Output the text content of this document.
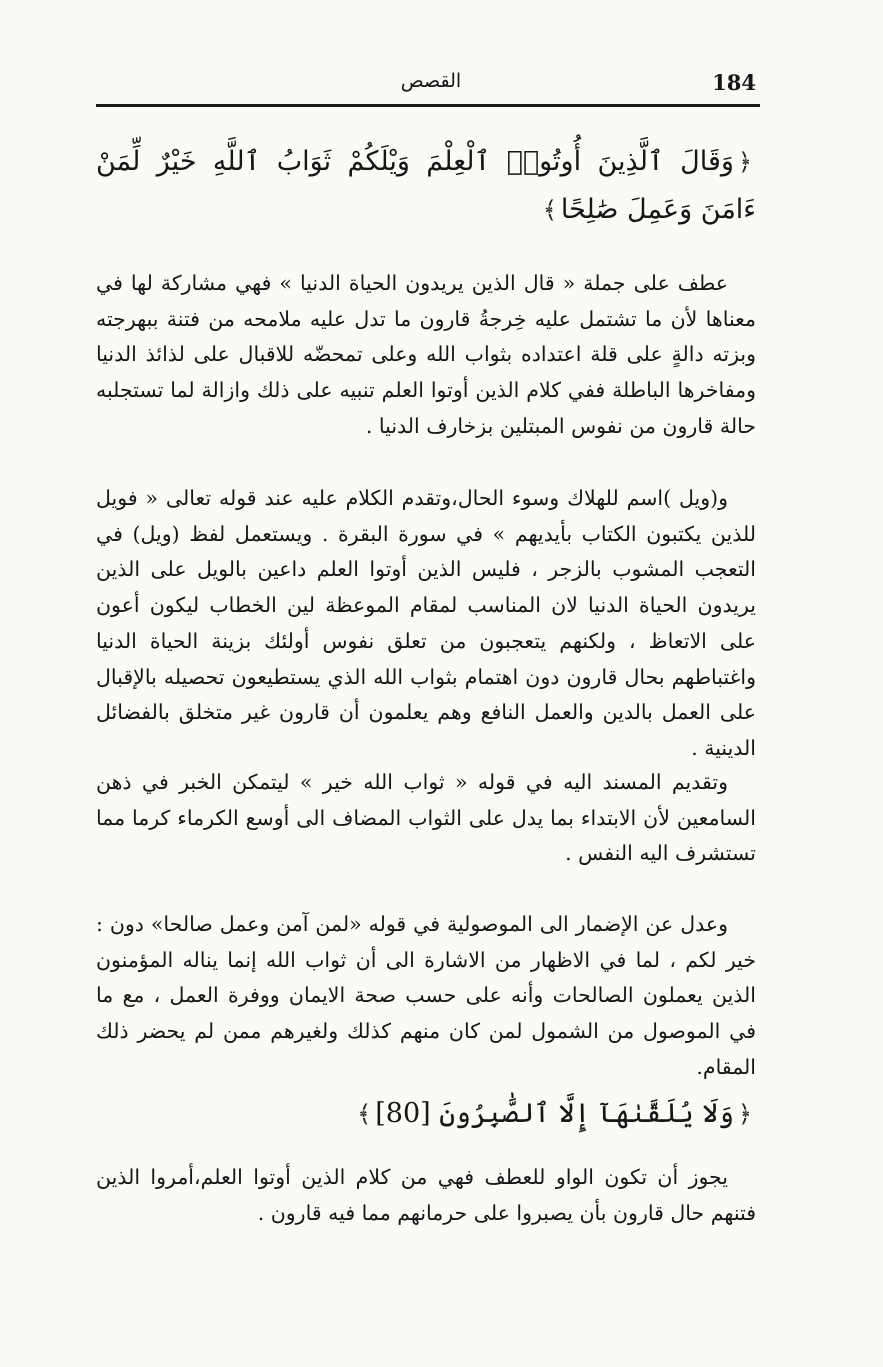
184
القصص
﴿وَقَالَ ٱلَّذِينَ أُوتُوا۟ ٱلْعِلْمَ وَيْلَكُمْ ثَوَابُ ٱللَّهِ خَيْرٌ لِّمَنْ ءَامَنَ وَعَمِلَ صَٰلِحًا﴾
عطف على جملة « قال الذين يريدون الحياة الدنيا » فهي مشاركة لها في معناها لأن ما تشتمل عليه خِرجةُ قارون ما تدل عليه ملامحه من فتنة ببهرجته وبزته دالةٍ على قلة اعتداده بثواب الله وعلى تمحضّه للاقبال على لذائذ الدنيا ومفاخرها الباطلة ففي كلام الذين أوتوا العلم تنبيه على ذلك وازالة لما تستجلبه حالة قارون من نفوس المبتلين بزخارف الدنيا .
و(ويل )اسم للهلاك وسوء الحال،وتقدم الكلام عليه عند قوله تعالى « فويل للذين يكتبون الكتاب بأيديهم » في سورة البقرة . ويستعمل لفظ (ويل) في التعجب المشوب بالزجر ، فليس الذين أوتوا العلم داعين بالويل على الذين يريدون الحياة الدنيا لان المناسب لمقام الموعظة لين الخطاب ليكون أعون على الاتعاظ ، ولكنهم يتعجبون من تعلق نفوس أولئك بزينة الحياة الدنيا واغتباطهم بحال قارون دون اهتمام بثواب الله الذي يستطيعون تحصيله بالإقبال على العمل بالدين والعمل النافع وهم يعلمون أن قارون غير متخلق بالفضائل الدينية .
وتقديم المسند اليه في قوله « ثواب الله خير » ليتمكن الخبر في ذهن السامعين لأن الابتداء بما يدل على الثواب المضاف الى أوسع الكرماء كرما مما تستشرف اليه النفس .
وعدل عن الإضمار الى الموصولية في قوله «لمن آمن وعمل صالحا» دون : خير لكم ، لما في الاظهار من الاشارة الى أن ثواب الله إنما يناله المؤمنون الذين يعملون الصالحات وأنه على حسب صحة الايمان ووفرة العمل ، مع ما في الموصول من الشمول لمن كان منهم كذلك ولغيرهم ممن لم يحضر ذلك المقام.
﴿وَلَا يُلَقَّىٰهَآ إِلَّا ٱلصَّٰبِرُونَ [80]﴾
يجوز أن تكون الواو للعطف فهي من كلام الذين أوتوا العلم،أمروا الذين فتنهم حال قارون بأن يصبروا على حرمانهم مما فيه قارون .
